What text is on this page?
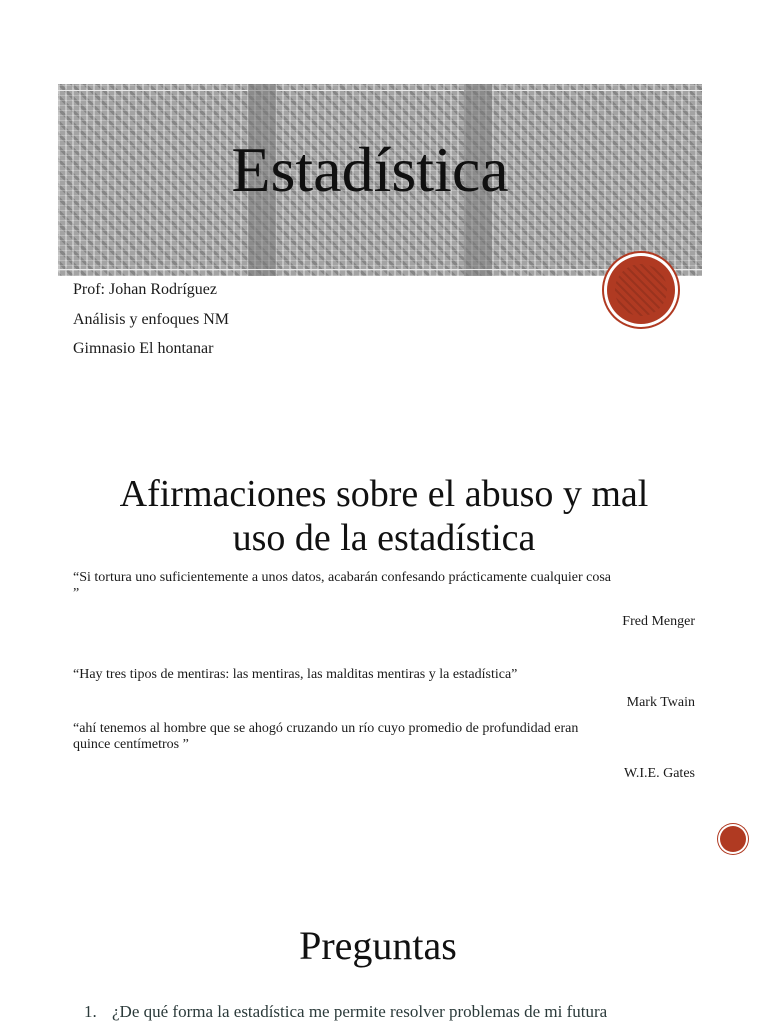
Estadística
Prof: Johan Rodríguez
Análisis y enfoques NM
Gimnasio El hontanar
Afirmaciones sobre el abuso y mal
uso de la estadística
“Si tortura uno suficientemente a unos datos, acabarán confesando prácticamente cualquier cosa
”
Fred Menger
“Hay tres tipos de mentiras: las mentiras, las malditas mentiras y la estadística”
Mark Twain
“ahí tenemos al hombre que se ahogó cruzando un río cuyo promedio de profundidad eran
quince centímetros ”
W.I.E. Gates
Preguntas
1. ¿De qué forma la estadística me permite resolver problemas de mi futura
